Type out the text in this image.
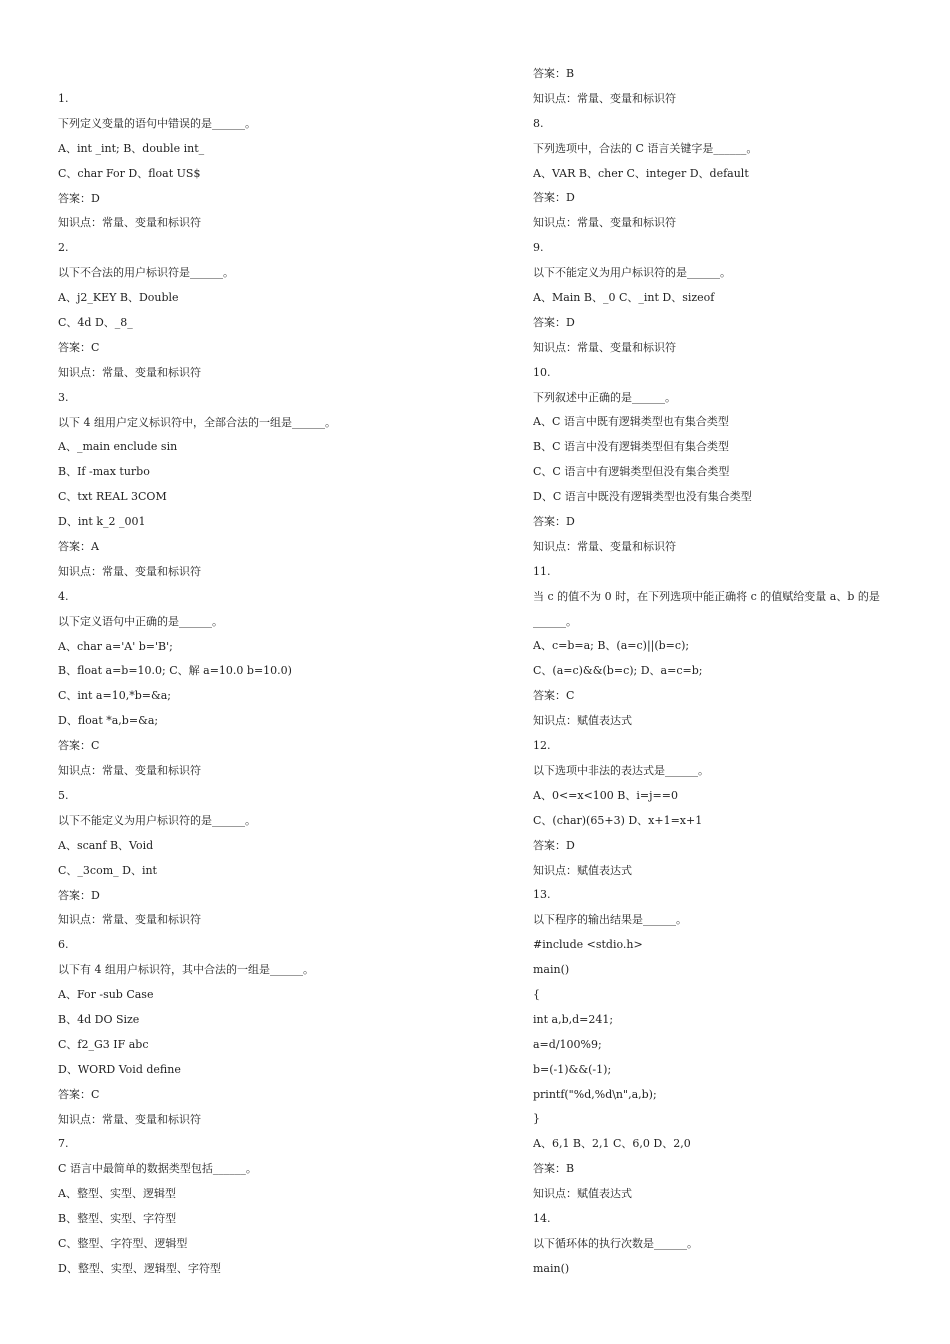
1.
下列定义变量的语句中错误的是______。
A、int _int; B、double int_
C、char For D、float US$
答案：D
知识点：常量、变量和标识符
2.
以下不合法的用户标识符是______。
A、j2_KEY B、Double
C、4d D、_8_
答案：C
知识点：常量、变量和标识符
3.
以下 4 组用户定义标识符中，全部合法的一组是______。
A、_main enclude sin
B、If -max turbo
C、txt REAL 3COM
D、int k_2 _001
答案：A
知识点：常量、变量和标识符
4.
以下定义语句中正确的是______。
A、char a='A' b='B';
B、float a=b=10.0; C、解 a=10.0 b=10.0)
C、int a=10,*b=&a;
D、float *a,b=&a;
答案：C
知识点：常量、变量和标识符
5.
以下不能定义为用户标识符的是______。
A、scanf B、Void
C、_3com_ D、int
答案：D
知识点：常量、变量和标识符
6.
以下有 4 组用户标识符，其中合法的一组是______。
A、For -sub Case
B、4d DO Size
C、f2_G3 IF abc
D、WORD Void define
答案：C
知识点：常量、变量和标识符
7.
C 语言中最简单的数据类型包括______。
A、整型、实型、逻辑型
B、整型、实型、字符型
C、整型、字符型、逻辑型
D、整型、实型、逻辑型、字符型
答案：B
知识点：常量、变量和标识符
8.
下列选项中，合法的 C 语言关键字是______。
A、VAR B、cher C、integer D、default
答案：D
知识点：常量、变量和标识符
9.
以下不能定义为用户标识符的是______。
A、Main B、_0 C、_int D、sizeof
答案：D
知识点：常量、变量和标识符
10.
下列叙述中正确的是______。
A、C 语言中既有逻辑类型也有集合类型
B、C 语言中没有逻辑类型但有集合类型
C、C 语言中有逻辑类型但没有集合类型
D、C 语言中既没有逻辑类型也没有集合类型
答案：D
知识点：常量、变量和标识符
11.
当 c 的值不为 0 时，在下列选项中能正确将 c 的值赋给变量 a、b 的是
______。
A、c=b=a; B、(a=c)||(b=c);
C、(a=c)&&(b=c); D、a=c=b;
答案：C
知识点：赋值表达式
12.
以下选项中非法的表达式是______。
A、0<=x<100 B、i=j==0
C、(char)(65+3) D、x+1=x+1
答案：D
知识点：赋值表达式
13.
以下程序的输出结果是______。
#include <stdio.h>
main()
{
int a,b,d=241;
a=d/100%9;
b=(-1)&&(-1);
printf("%d,%d\n",a,b);
}
A、6,1 B、2,1 C、6,0 D、2,0
答案：B
知识点：赋值表达式
14.
以下循环体的执行次数是______。
main()
